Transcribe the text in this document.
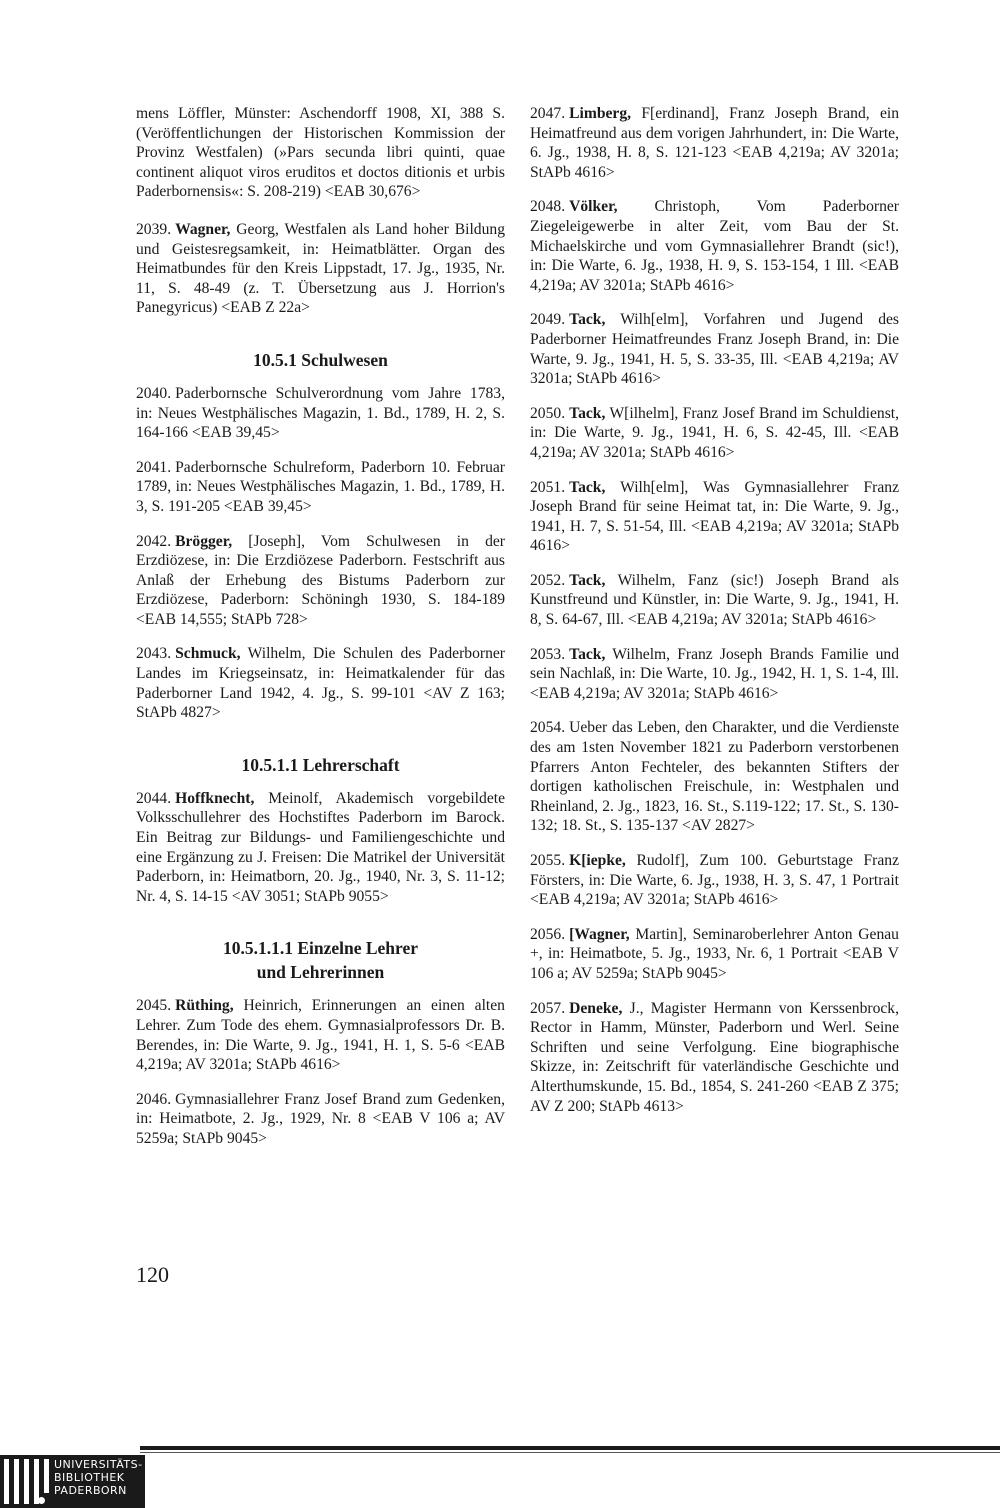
mens Löffler, Münster: Aschendorff 1908, XI, 388 S. (Veröffentlichungen der Historischen Kommission der Provinz Westfalen) (»Pars secunda libri quinti, quae continent aliquot viros eruditos et doctos ditionis et urbis Paderbornensis«: S. 208-219) <EAB 30,676>

2039. Wagner, Georg, Westfalen als Land hoher Bildung und Geistesregsamkeit, in: Heimatblätter. Organ des Heimatbundes für den Kreis Lippstadt, 17. Jg., 1935, Nr. 11, S. 48-49 (z. T. Übersetzung aus J. Horrion's Panegyricus) <EAB Z 22a>

10.5.1 Schulwesen

2040. Paderbornsche Schulverordnung vom Jahre 1783, in: Neues Westphälisches Magazin, 1. Bd., 1789, H. 2, S. 164-166 <EAB 39,45>

2041. Paderbornsche Schulreform, Paderborn 10. Februar 1789, in: Neues Westphälisches Magazin, 1. Bd., 1789, H. 3, S. 191-205 <EAB 39,45>

2042. Brögger, [Joseph], Vom Schulwesen in der Erzdiözese, in: Die Erzdiözese Paderborn. Festschrift aus Anlaß der Erhebung des Bistums Paderborn zur Erzdiözese, Paderborn: Schöningh 1930, S. 184-189 <EAB 14,555; StAPb 728>

2043. Schmuck, Wilhelm, Die Schulen des Paderborner Landes im Kriegseinsatz, in: Heimatkalender für das Paderborner Land 1942, 4. Jg., S. 99-101 <AV Z 163; StAPb 4827>

10.5.1.1 Lehrerschaft

2044. Hoffknecht, Meinolf, Akademisch vorgebildete Volksschullehrer des Hochstiftes Paderborn im Barock. Ein Beitrag zur Bildungs- und Familiengeschichte und eine Ergänzung zu J. Freisen: Die Matrikel der Universität Paderborn, in: Heimatborn, 20. Jg., 1940, Nr. 3, S. 11-12; Nr. 4, S. 14-15 <AV 3051; StAPb 9055>

10.5.1.1.1 Einzelne Lehrer
und Lehrerinnen

2045. Rüthing, Heinrich, Erinnerungen an einen alten Lehrer. Zum Tode des ehem. Gymnasialprofessors Dr. B. Berendes, in: Die Warte, 9. Jg., 1941, H. 1, S. 5-6 <EAB 4,219a; AV 3201a; StAPb 4616>

2046. Gymnasiallehrer Franz Josef Brand zum Gedenken, in: Heimatbote, 2. Jg., 1929, Nr. 8 <EAB V 106 a; AV 5259a; StAPb 9045>

2047. Limberg, F[erdinand], Franz Joseph Brand, ein Heimatfreund aus dem vorigen Jahrhundert, in: Die Warte, 6. Jg., 1938, H. 8, S. 121-123 <EAB 4,219a; AV 3201a; StAPb 4616>

2048. Völker, Christoph, Vom Paderborner Ziegeleigewerbe in alter Zeit, vom Bau der St. Michaelskirche und vom Gymnasiallehrer Brandt (sic!), in: Die Warte, 6. Jg., 1938, H. 9, S. 153-154, 1 Ill. <EAB 4,219a; AV 3201a; StAPb 4616>

2049. Tack, Wilh[elm], Vorfahren und Jugend des Paderborner Heimatfreundes Franz Joseph Brand, in: Die Warte, 9. Jg., 1941, H. 5, S. 33-35, Ill. <EAB 4,219a; AV 3201a; StAPb 4616>

2050. Tack, W[ilhelm], Franz Josef Brand im Schuldienst, in: Die Warte, 9. Jg., 1941, H. 6, S. 42-45, Ill. <EAB 4,219a; AV 3201a; StAPb 4616>

2051. Tack, Wilh[elm], Was Gymnasiallehrer Franz Joseph Brand für seine Heimat tat, in: Die Warte, 9. Jg., 1941, H. 7, S. 51-54, Ill. <EAB 4,219a; AV 3201a; StAPb 4616>

2052. Tack, Wilhelm, Fanz (sic!) Joseph Brand als Kunstfreund und Künstler, in: Die Warte, 9. Jg., 1941, H. 8, S. 64-67, Ill. <EAB 4,219a; AV 3201a; StAPb 4616>

2053. Tack, Wilhelm, Franz Joseph Brands Familie und sein Nachlaß, in: Die Warte, 10. Jg., 1942, H. 1, S. 1-4, Ill. <EAB 4,219a; AV 3201a; StAPb 4616>

2054. Ueber das Leben, den Charakter, und die Verdienste des am 1sten November 1821 zu Paderborn verstorbenen Pfarrers Anton Fechteler, des bekannten Stifters der dortigen katholischen Freischule, in: Westphalen und Rheinland, 2. Jg., 1823, 16. St., S.119-122; 17. St., S. 130-132; 18. St., S. 135-137 <AV 2827>

2055. K[iepke, Rudolf], Zum 100. Geburtstage Franz Försters, in: Die Warte, 6. Jg., 1938, H. 3, S. 47, 1 Portrait <EAB 4,219a; AV 3201a; StAPb 4616>

2056. [Wagner, Martin], Seminaroberlehrer Anton Genau +, in: Heimatbote, 5. Jg., 1933, Nr. 6, 1 Portrait <EAB V 106 a; AV 5259a; StAPb 9045>

2057. Deneke, J., Magister Hermann von Kerssenbrock, Rector in Hamm, Münster, Paderborn und Werl. Seine Schriften und seine Verfolgung. Eine biographische Skizze, in: Zeitschrift für vaterländische Geschichte und Alterthumskunde, 15. Bd., 1854, S. 241-260 <EAB Z 375; AV Z 200; StAPb 4613>

120
UNIVERSITÄTS-
BIBLIOTHEK
PADERBORN
